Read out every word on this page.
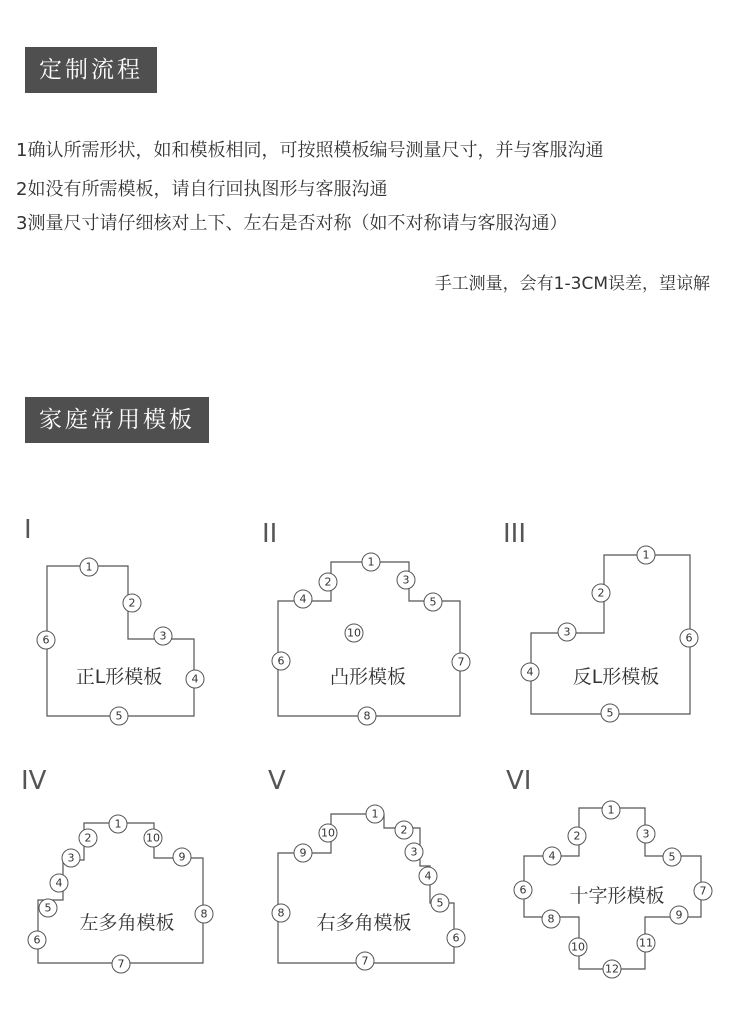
定制流程
1确认所需形状，如和模板相同，可按照模板编号测量尺寸，并与客服沟通
2如没有所需模板，请自行回执图形与客服沟通
3测量尺寸请仔细核对上下、左右是否对称（如不对称请与客服沟通）
手工测量，会有1-3CM误差，望谅解
家庭常用模板
I
正L形模板
1
2
3
4
5
6
II
凸形模板
1
2	3
4	5
6	7
8
10
III
反L形模板
1
2
3
4
5
6
IV
左多角模板
1
2
3
4
5
6
7
8
9
10
V
右多角模板
1
2
3
4
5
6
7
8
9
10
VI
十字形模板
1
2	3
4	5
6	7
8	9
10	11
12
